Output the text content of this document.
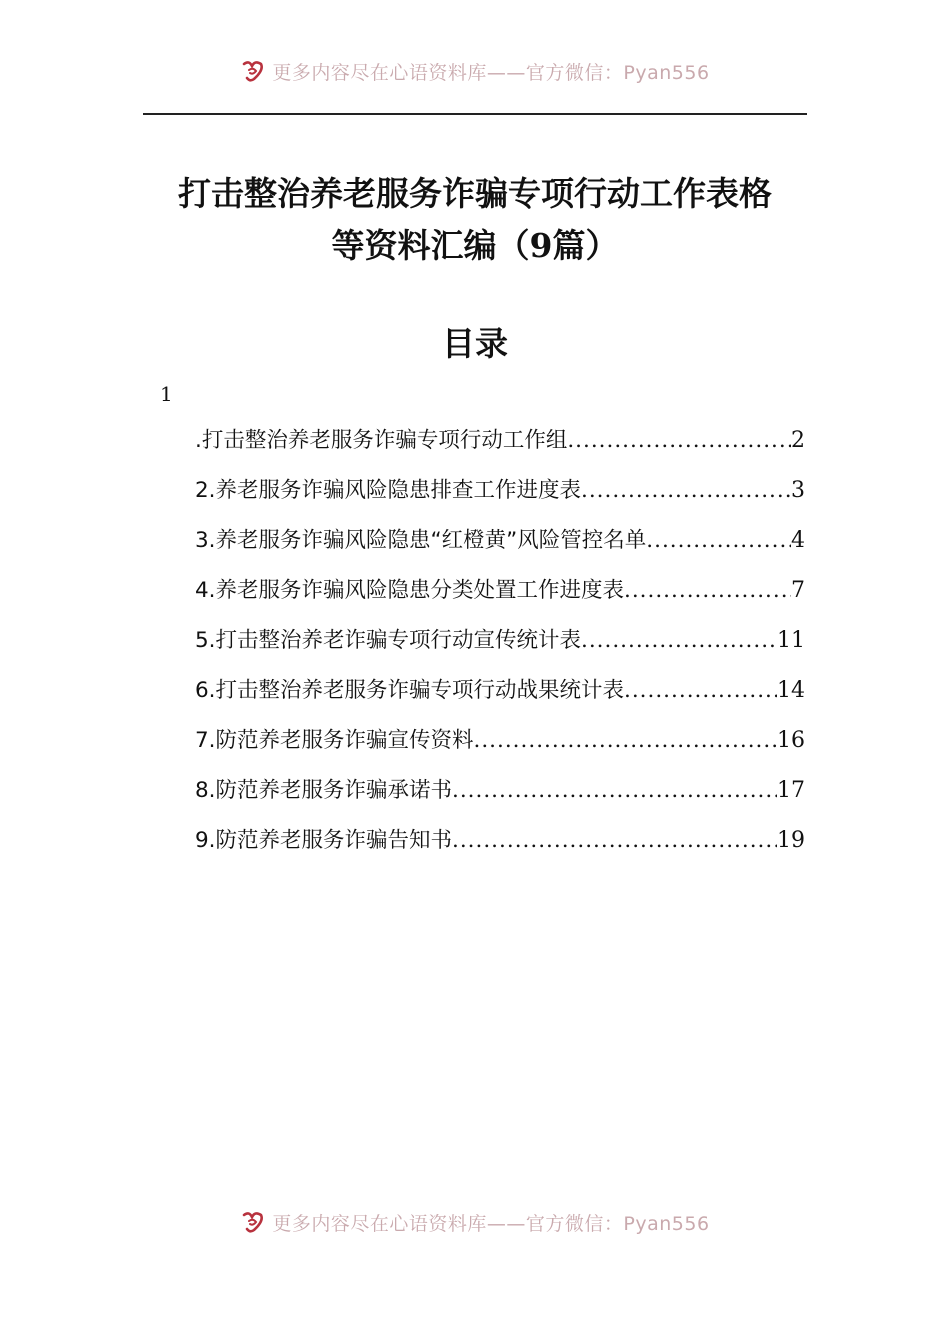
更多内容尽在心语资料库——官方微信：Pyan556
打击整治养老服务诈骗专项行动工作表格
等资料汇编（9篇）
目录
1
.打击整治养老服务诈骗专项行动工作组 .....	2
2.养老服务诈骗风险隐患排查工作进度表 .....	3
3.养老服务诈骗风险隐患“红橙黄”风险管控名单 .....	4
4.养老服务诈骗风险隐患分类处置工作进度表 .....	7
5.打击整治养老诈骗专项行动宣传统计表 .....	11
6.打击整治养老服务诈骗专项行动战果统计表 .....	14
7.防范养老服务诈骗宣传资料 .....	16
8.防范养老服务诈骗承诺书 .....	17
9.防范养老服务诈骗告知书 .....	19
更多内容尽在心语资料库——官方微信：Pyan556
